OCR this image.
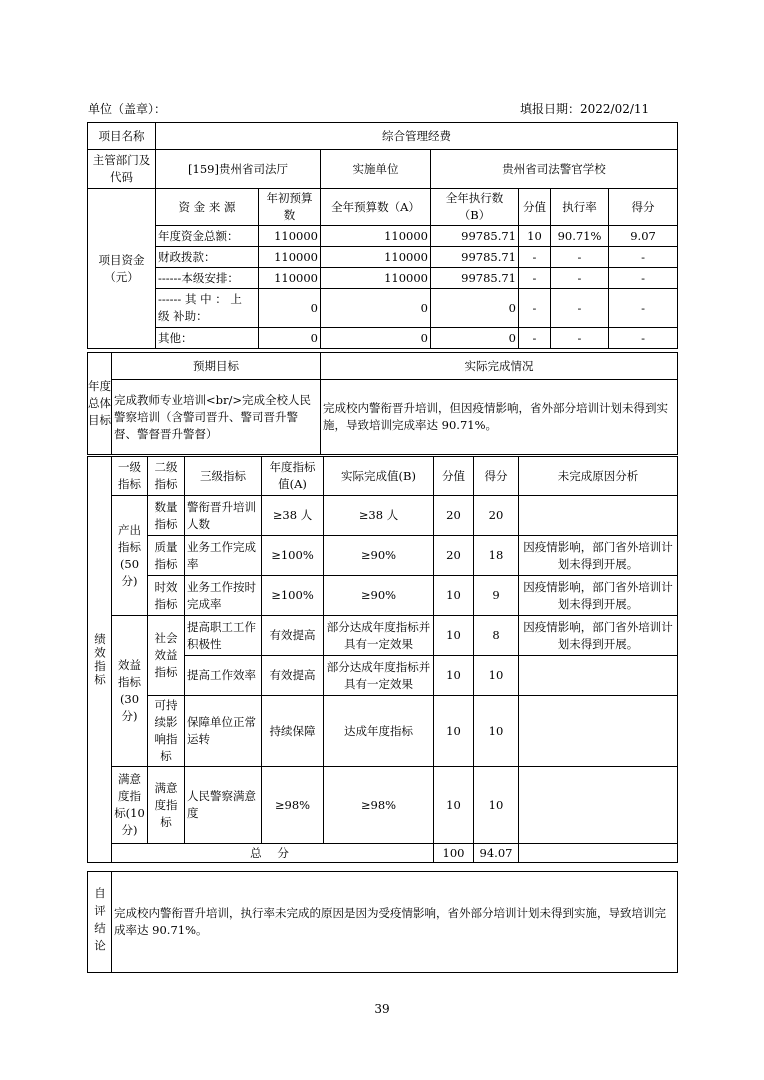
单位（盖章）：	填报日期：2022/02/11
项目名称	综合管理经费						
主管部门及代码	[159]贵州省司法厅		实施单位	贵州省司法警官学校			
项目资金（元）	资 金 来 源	年初预算数	全年预算数（A）	全年执行数（B）	分值	执行率	得分
	年度资金总额：	110000	110000	99785.71	10	90.71%	9.07
	财政拨款：	110000	110000	99785.71	-	-	-
	------本级安排：	110000	110000	99785.71	-	-	-
	------ 其 中 ： 上 级 补助：	0	0	0	-	-	-
	其他：	0	0	0	-	-	-
年度总体目标	预期目标	实际完成情况
	完成教师专业培训<br/>完成全校人民警察培训（含警司晋升、警司晋升警督、警督晋升警督）	完成校内警衔晋升培训，但因疫情影响，省外部分培训计划未得到实施，导致培训完成率达 90.71%。
绩效指标	一级指标	二级指标	三级指标	年度指标值(A)	实际完成值(B)	分值	得分	未完成原因分析
	产出指标(50 分)	数量指标	警衔晋升培训人数	≥38 人	≥38 人	20	20	
		质量指标	业务工作完成率	≥100%	≥90%	20	18	因疫情影响，部门省外培训计划未得到开展。
		时效指标	业务工作按时完成率	≥100%	≥90%	10	9	因疫情影响，部门省外培训计划未得到开展。
	效益指标(30 分)	社会效益指标	提高职工工作积极性	有效提高	部分达成年度指标并具有一定效果	10	8	因疫情影响，部门省外培训计划未得到开展。
			提高工作效率	有效提高	部分达成年度指标并具有一定效果	10	10	
		可持续影响指标	保障单位正常运转	持续保障	达成年度指标	10	10	
	满意度指标(10分)	满意度指标	人民警察满意度	≥98%	≥98%	10	10	
	总 分					100	94.07	
自评结论	完成校内警衔晋升培训，执行率未完成的原因是因为受疫情影响，省外部分培训计划未得到实施，导致培训完成率达 90.71%。
39
